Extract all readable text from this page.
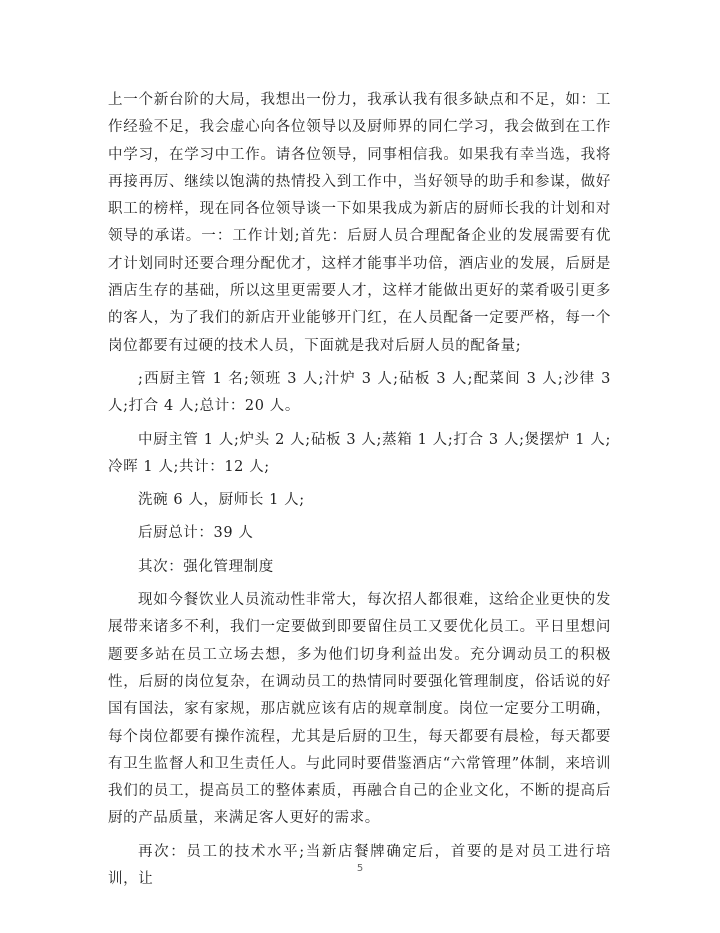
上一个新台阶的大局，我想出一份力，我承认我有很多缺点和不足，如：工作经验不足，我会虚心向各位领导以及厨师界的同仁学习，我会做到在工作中学习，在学习中工作。请各位领导，同事相信我。如果我有幸当选，我将再接再厉、继续以饱满的热情投入到工作中，当好领导的助手和参谋，做好职工的榜样，现在同各位领导谈一下如果我成为新店的厨师长我的计划和对领导的承诺。一：工作计划;首先：后厨人员合理配备企业的发展需要有优才计划同时还要合理分配优才，这样才能事半功倍，酒店业的发展，后厨是酒店生存的基础，所以这里更需要人才，这样才能做出更好的菜肴吸引更多的客人，为了我们的新店开业能够开门红，在人员配备一定要严格，每一个岗位都要有过硬的技术人员，下面就是我对后厨人员的配备量;

;西厨主管 1 名;领班 3 人;汁炉 3 人;砧板 3 人;配菜间 3 人;沙律 3 人;打合 4 人;总计：20 人。

中厨主管 1 人;炉头 2 人;砧板 3 人;蒸箱 1 人;打合 3 人;煲摆炉 1 人;冷晖 1 人;共计：12 人;

洗碗 6 人，厨师长 1 人;

后厨总计：39 人

其次：强化管理制度

现如今餐饮业人员流动性非常大，每次招人都很难，这给企业更快的发展带来诸多不利，我们一定要做到即要留住员工又要优化员工。平日里想问题要多站在员工立场去想，多为他们切身利益出发。充分调动员工的积极性，后厨的岗位复杂，在调动员工的热情同时要强化管理制度，俗话说的好国有国法，家有家规，那店就应该有店的规章制度。岗位一定要分工明确，每个岗位都要有操作流程，尤其是后厨的卫生，每天都要有晨检，每天都要有卫生监督人和卫生责任人。与此同时要借鉴酒店“六常管理”体制，来培训我们的员工，提高员工的整体素质，再融合自己的企业文化，不断的提高后厨的产品质量，来满足客人更好的需求。

再次：员工的技术水平;当新店餐牌确定后，首要的是对员工进行培训，让

5
